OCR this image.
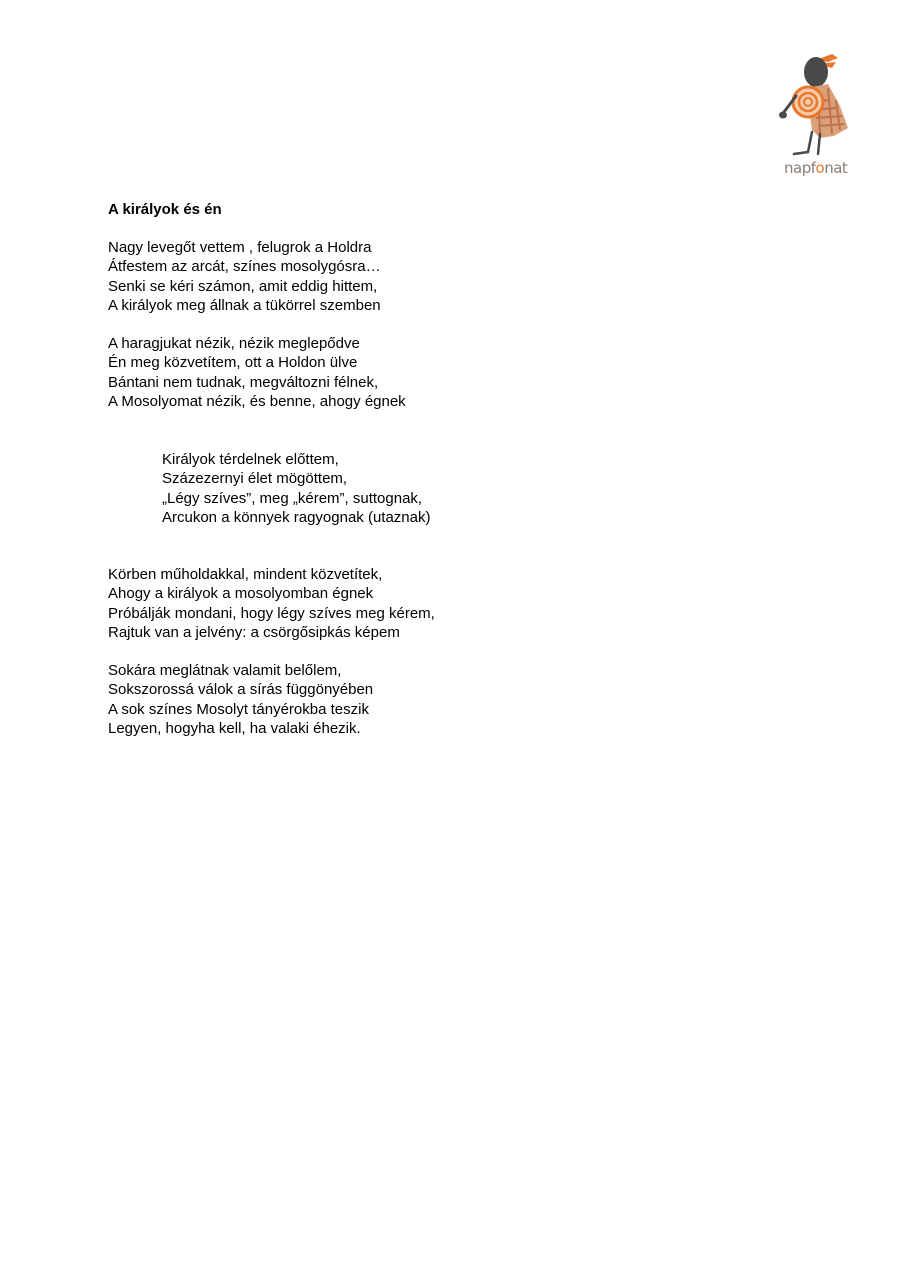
napfonat
A királyok és én
Nagy levegőt vettem , felugrok a Holdra
Átfestem az arcát, színes mosolygósra…
Senki se kéri számon, amit eddig hittem,
A királyok meg állnak a tükörrel szemben
A haragjukat nézik, nézik meglepődve
Én meg közvetítem, ott a Holdon ülve
Bántani nem tudnak, megváltozni félnek,
A Mosolyomat nézik, és benne, ahogy égnek
Királyok térdelnek előttem,
Százezernyi élet mögöttem,
„Légy szíves”, meg „kérem”, suttognak,
Arcukon a könnyek ragyognak (utaznak)
Körben műholdakkal, mindent közvetítek,
Ahogy a királyok a mosolyomban égnek
Próbálják mondani, hogy légy szíves meg kérem,
Rajtuk van a jelvény: a csörgősipkás képem
Sokára meglátnak valamit belőlem,
Sokszorossá válok a sírás függönyében
A sok színes Mosolyt tányérokba teszik
Legyen, hogyha kell, ha valaki éhezik.
